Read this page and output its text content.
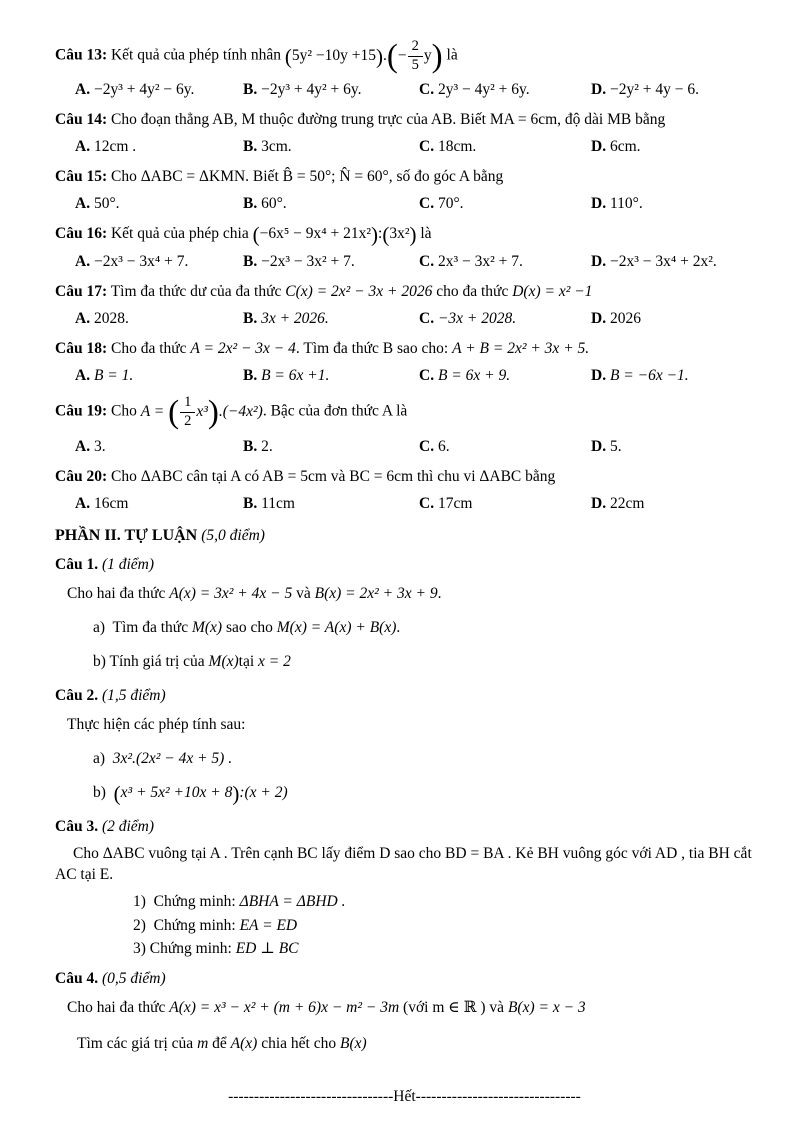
Câu 13: Kết quả của phép tính nhân $(5y^2 -10y +15).(- \frac{2}{5} y)$ là
A. −2y³ + 4y² − 6y.	B. −2y³ + 4y² + 6y.	C. 2y³ − 4y² + 6y.	D. −2y² + 4y − 6.
Câu 14: Cho đoạn thẳng AB, M thuộc đường trung trực của AB. Biết MA = 6cm, độ dài MB bằng
A. 12cm .	B. 3cm.	C. 18cm.	D. 6cm.
Câu 15: Cho ΔABC = ΔKMN. Biết B̂ = 50°; N̂ = 60°, số đo góc A bằng
A. 50°.	B. 60°.	C. 70°.	D. 110°.
Câu 16: Kết quả của phép chia (−6x⁵ − 9x⁴ + 21x²):(3x²) là
A. −2x³ − 3x⁴ + 7.	B. −2x³ − 3x² + 7.	C. 2x³ − 3x² + 7.	D. −2x³ − 3x⁴ + 2x².
Câu 17: Tìm đa thức dư của đa thức C(x) = 2x² − 3x + 2026 cho đa thức D(x) = x² −1
A. 2028.	B. 3x + 2026.	C. −3x + 2028.	D. 2026
Câu 18: Cho đa thức A = 2x² − 3x − 4. Tìm đa thức B sao cho: A + B = 2x² + 3x + 5.
A. B = 1.	B. B = 6x +1.	C. B = 6x + 9.	D. B = −6x −1.
Câu 19: Cho A = ( $\frac{1}{2} x^3).(-4x^2)$. Bậc của đơn thức A là
A. 3.	B. 2.	C. 6.	D. 5.
Câu 20: Cho ΔABC cân tại A có AB = 5cm và BC = 6cm thì chu vi ΔABC bằng
A. 16cm	B. 11cm	C. 17cm	D. 22cm
PHẦN II. TỰ LUẬN (5,0 điểm)
Câu 1. (1 điểm)
Cho hai đa thức A(x) = 3x² + 4x − 5 và B(x) = 2x² + 3x + 9.
a) Tìm đa thức M(x) sao cho M(x) = A(x) + B(x).
b) Tính giá trị của M(x)tại x = 2
Câu 2. (1,5 điểm)
Thực hiện các phép tính sau:
a) 3x².(2x² − 4x + 5) .
b) (x³ + 5x² +10x + 8):(x + 2)
Câu 3. (2 điểm)
Cho ΔABC vuông tại A . Trên cạnh BC lấy điểm D sao cho BD = BA . Kẻ BH vuông góc với AD , tia BH cắt AC tại E.
1) Chứng minh: ΔBHA = ΔBHD .
2) Chứng minh: EA = ED
3) Chứng minh: ED ⊥ BC
Câu 4. (0,5 điểm)
Cho hai đa thức A(x) = x³ − x² + (m + 6)x − m² − 3m (với m ∈ ℝ ) và B(x) = x − 3
Tìm các giá trị của m để A(x) chia hết cho B(x)
--------------------------------Hết--------------------------------
